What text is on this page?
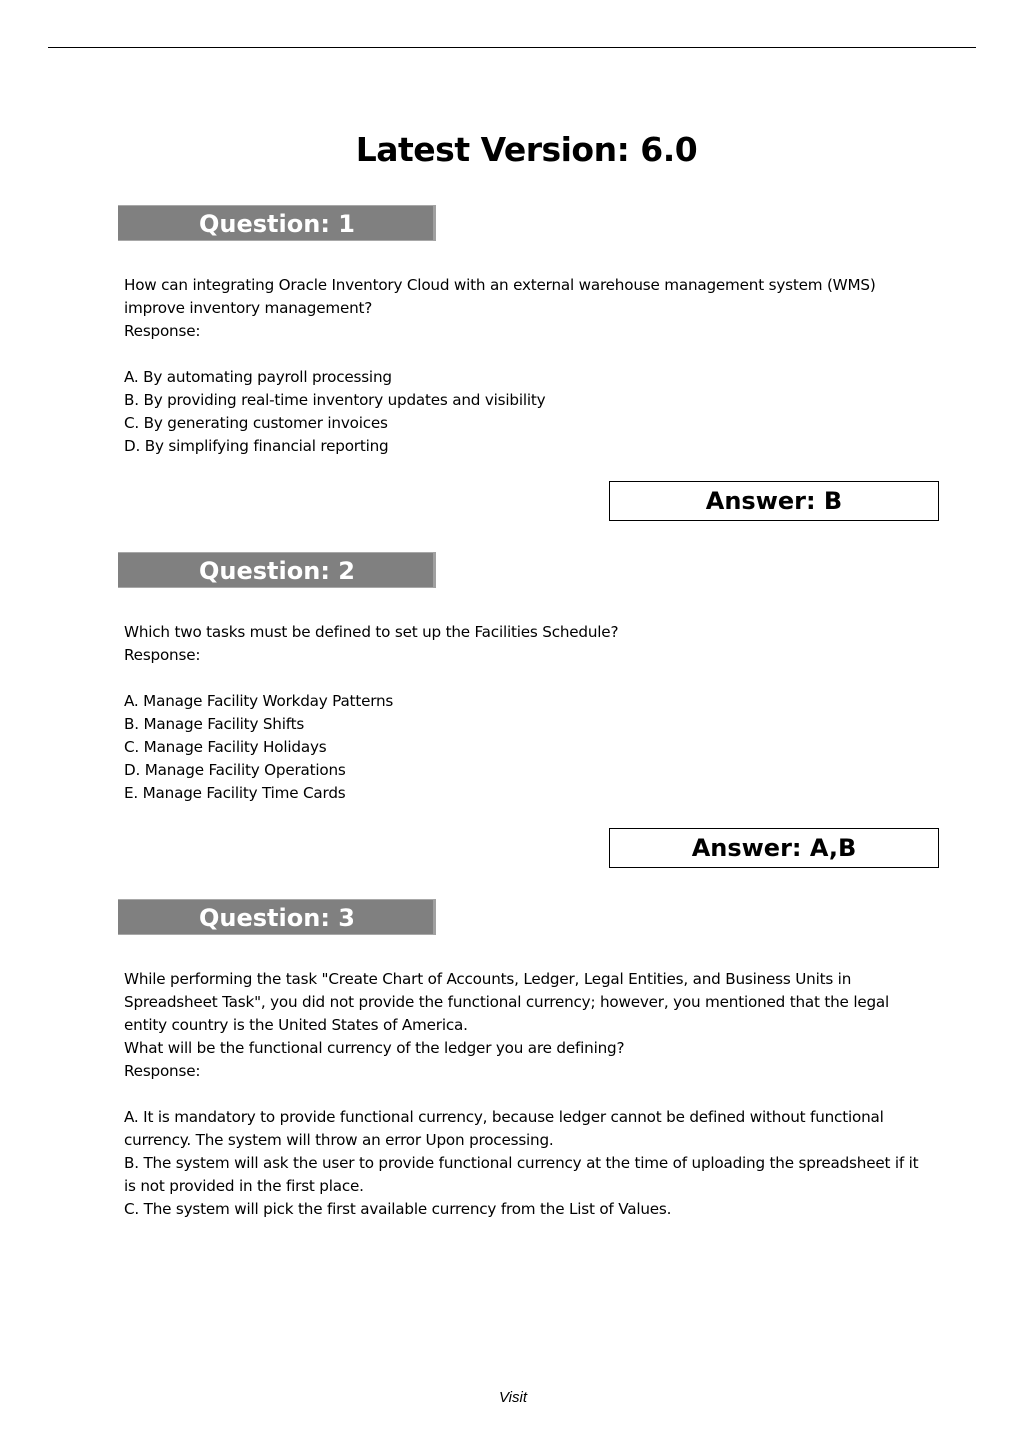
Latest Version: 6.0
Question: 1

How can integrating Oracle Inventory Cloud with an external warehouse management system (WMS) improve inventory management?

Response:

A. By automating payroll processing
B. By providing real-time inventory updates and visibility
C. By generating customer invoices
D. By simplifying financial reporting
Answer: B
Question: 2

Which two tasks must be defined to set up the Facilities Schedule?

Response:

A. Manage Facility Workday Patterns
B. Manage Facility Shifts
C. Manage Facility Holidays
D. Manage Facility Operations
E. Manage Facility Time Cards
Answer: A,B
Question: 3

While performing the task "Create Chart of Accounts, Ledger, Legal Entities, and Business Units in Spreadsheet Task", you did not provide the functional currency; however, you mentioned that the legal entity country is the United States of America.

What will be the functional currency of the ledger you are defining?

Response:

A. It is mandatory to provide functional currency, because ledger cannot be defined without functional currency. The system will throw an error Upon processing.
B. The system will ask the user to provide functional currency at the time of uploading the spreadsheet if it is not provided in the first place.
C. The system will pick the first available currency from the List of Values.
Visit
